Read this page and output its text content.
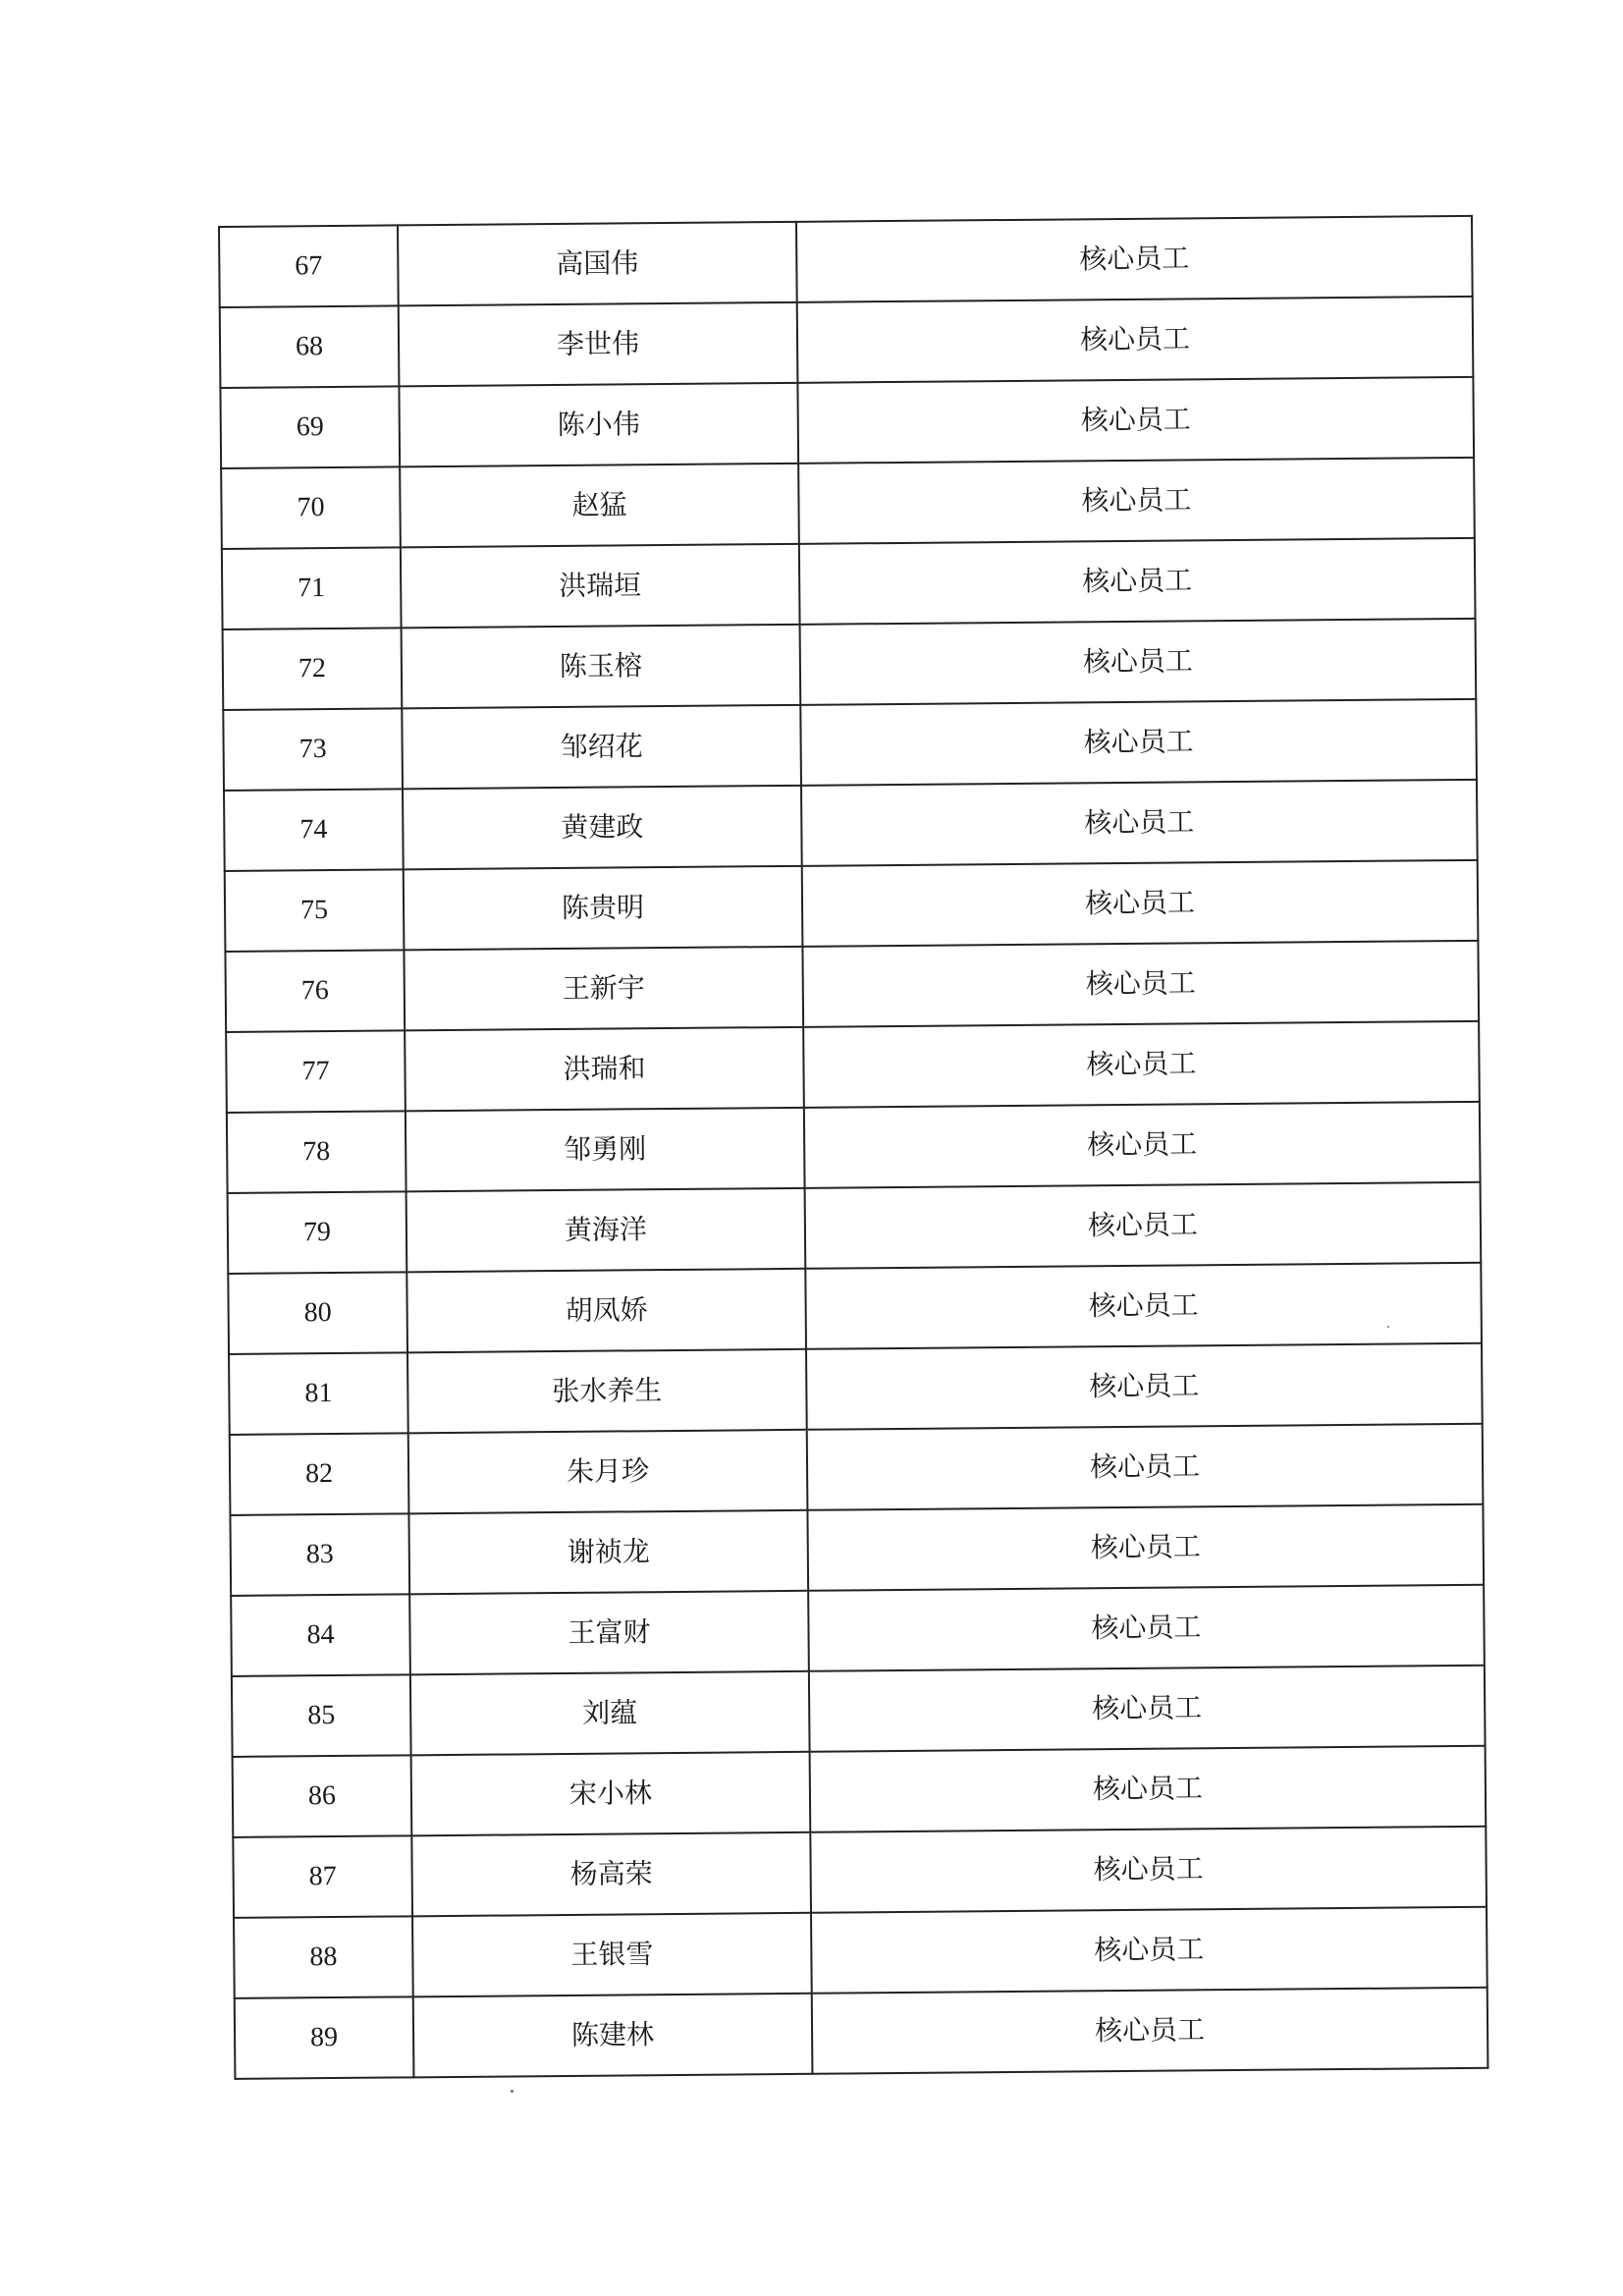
67	高国伟	核心员工
68	李世伟	核心员工
69	陈小伟	核心员工
70	赵猛	核心员工
71	洪瑞垣	核心员工
72	陈玉榕	核心员工
73	邹绍花	核心员工
74	黄建政	核心员工
75	陈贵明	核心员工
76	王新宇	核心员工
77	洪瑞和	核心员工
78	邹勇刚	核心员工
79	黄海洋	核心员工
80	胡凤娇	核心员工
81	张水养生	核心员工
82	朱月珍	核心员工
83	谢祯龙	核心员工
84	王富财	核心员工
85	刘蕴	核心员工
86	宋小林	核心员工
87	杨高荣	核心员工
88	王银雪	核心员工
89	陈建林	核心员工
